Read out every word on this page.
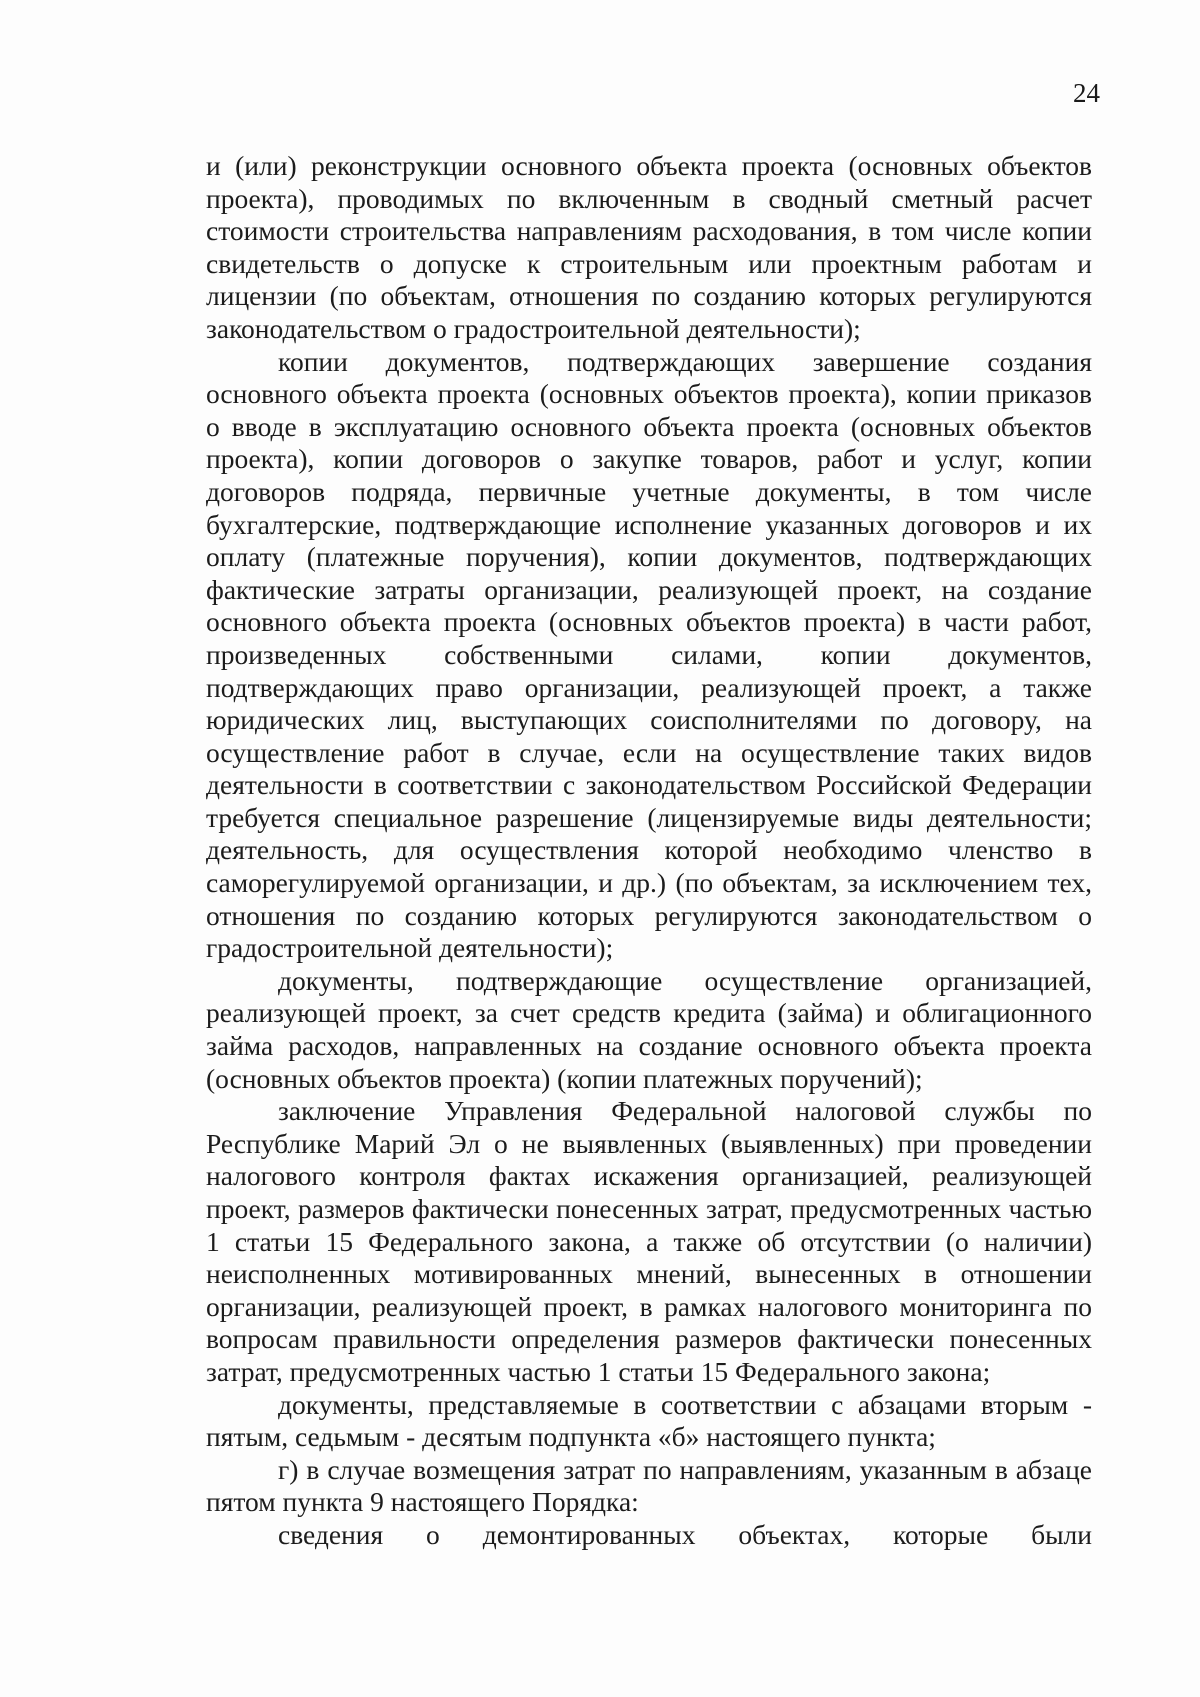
24

и (или) реконструкции основного объекта проекта (основных объектов проекта), проводимых по включенным в сводный сметный расчет стоимости строительства направлениям расходования, в том числе копии свидетельств о допуске к строительным или проектным работам и лицензии (по объектам, отношения по созданию которых регулируются законодательством о градостроительной деятельности);

копии документов, подтверждающих завершение создания основного объекта проекта (основных объектов проекта), копии приказов о вводе в эксплуатацию основного объекта проекта (основных объектов проекта), копии договоров о закупке товаров, работ и услуг, копии договоров подряда, первичные учетные документы, в том числе бухгалтерские, подтверждающие исполнение указанных договоров и их оплату (платежные поручения), копии документов, подтверждающих фактические затраты организации, реализующей проект, на создание основного объекта проекта (основных объектов проекта) в части работ, произведенных собственными силами, копии документов, подтверждающих право организации, реализующей проект, а также юридических лиц, выступающих соисполнителями по договору, на осуществление работ в случае, если на осуществление таких видов деятельности в соответствии с законодательством Российской Федерации требуется специальное разрешение (лицензируемые виды деятельности; деятельность, для осуществления которой необходимо членство в саморегулируемой организации, и др.) (по объектам, за исключением тех, отношения по созданию которых регулируются законодательством о градостроительной деятельности);

документы, подтверждающие осуществление организацией, реализующей проект, за счет средств кредита (займа) и облигационного займа расходов, направленных на создание основного объекта проекта (основных объектов проекта) (копии платежных поручений);

заключение Управления Федеральной налоговой службы по Республике Марий Эл о не выявленных (выявленных) при проведении налогового контроля фактах искажения организацией, реализующей проект, размеров фактически понесенных затрат, предусмотренных частью 1 статьи 15 Федерального закона, а также об отсутствии (о наличии) неисполненных мотивированных мнений, вынесенных в отношении организации, реализующей проект, в рамках налогового мониторинга по вопросам правильности определения размеров фактически понесенных затрат, предусмотренных частью 1 статьи 15 Федерального закона;

документы, представляемые в соответствии с абзацами вторым - пятым, седьмым - десятым подпункта «б» настоящего пункта;

г) в случае возмещения затрат по направлениям, указанным в абзаце пятом пункта 9 настоящего Порядка:

сведения о демонтированных объектах, которые были
